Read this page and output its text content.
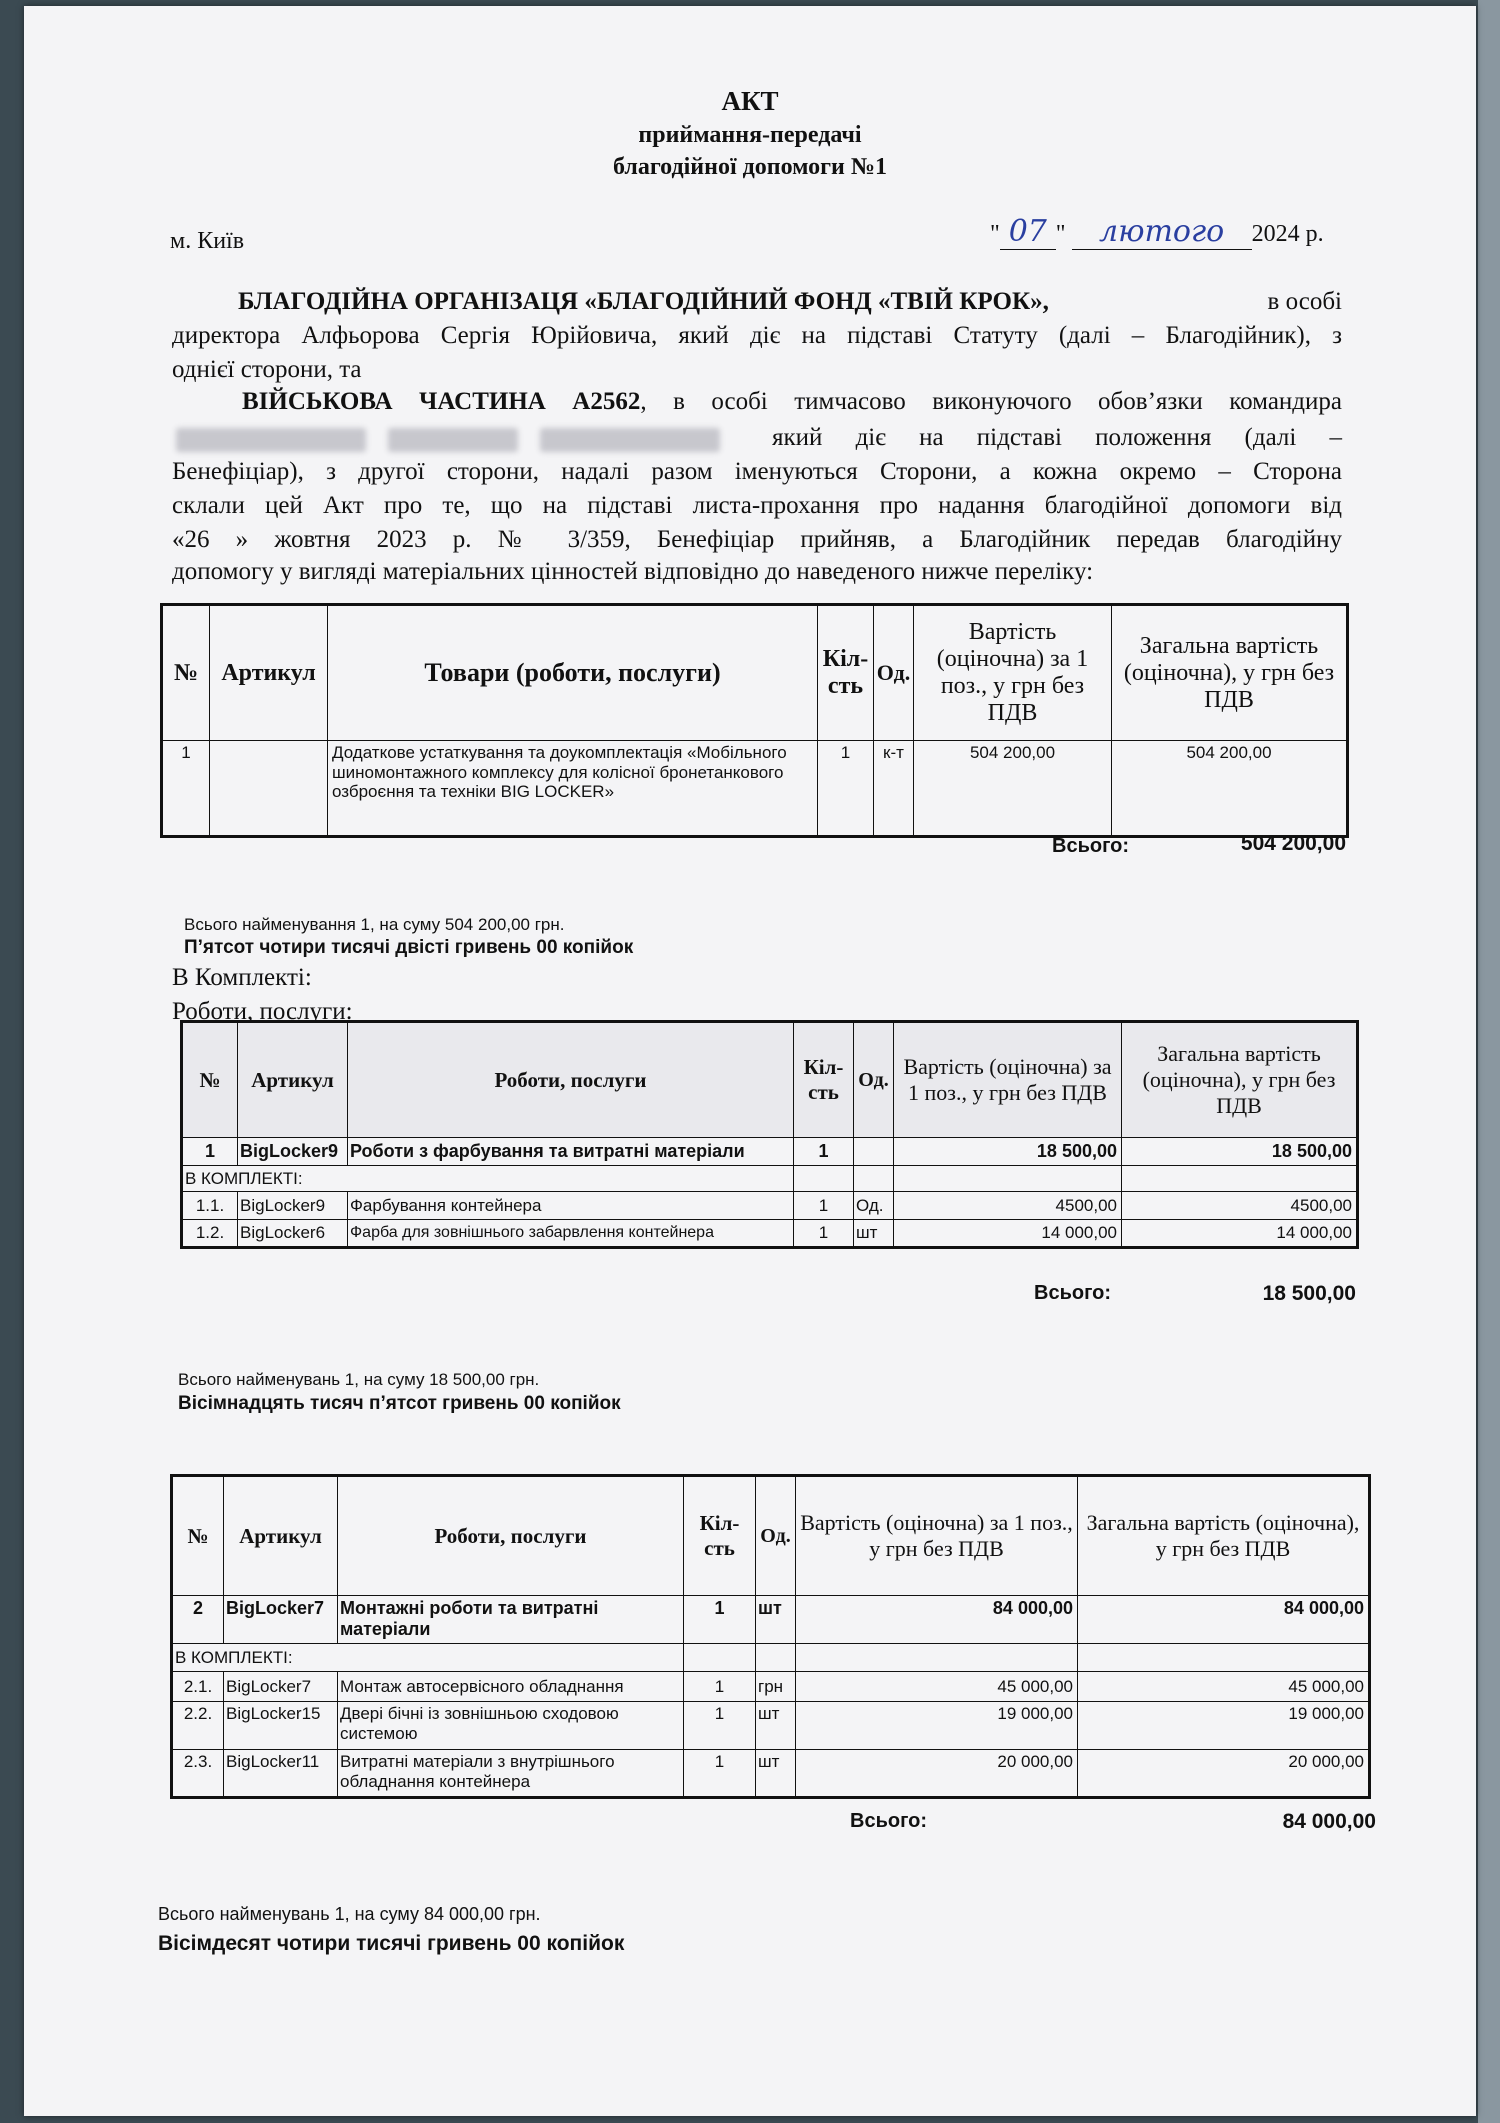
АКТ
приймання-передачі
благодійної допомоги №1
м. Київ	" 07 " лютого 2024 р.
БЛАГОДІЙНА ОРГАНІЗАЦЯ «БЛАГОДІЙНИЙ ФОНД «ТВІЙ КРОК»,	в особі
директора Алфьорова Сергія Юрійовича, який діє на підставі Статуту (далі – Благодійник), з
однієї сторони, та
ВІЙСЬКОВА ЧАСТИНА А2562, в особі тимчасово виконуючого обов’язки командира
який діє на підставі положення (далі –
Бенефіціар), з другої сторони, надалі разом іменуються Сторони, а кожна окремо – Сторона
склали цей Акт про те, що на підставі листа-прохання про надання благодійної допомоги від
«26 » жовтня 2023 р. № 3/359, Бенефіціар прийняв, а Благодійник передав благодійну
допомогу у вигляді матеріальних цінностей відповідно до наведеного нижче переліку:
№	Артикул	Товари (роботи, послуги)	Кіл-сть	Од.	Вартість (оціночна) за 1 поз., у грн без ПДВ	Загальна вартість (оціночна), у грн без ПДВ
1		Додаткове устаткування та доукомплектація «Мобільного шиномонтажного комплексу для колісної бронетанкового озброєння та техніки BIG LOCKER»	1	к-т	504 200,00	504 200,00
Всього:	504 200,00
Всього найменування 1, на суму 504 200,00 грн.
П’ятсот чотири тисячі двісті гривень 00 копійок
В Комплекті:
Роботи, послуги:
№	Артикул	Роботи, послуги	Кіл-сть	Од.	Вартість (оціночна) за 1 поз., у грн без ПДВ	Загальна вартість (оціночна), у грн без ПДВ
1	BigLocker9	Роботи з фарбування та витратні матеріали	1		18 500,00	18 500,00
В КОМПЛЕКТІ:						
1.1.	BigLocker9	Фарбування контейнера	1	Од.	4500,00	4500,00
1.2.	BigLocker6	Фарба для зовнішнього забарвлення контейнера	1	шт	14 000,00	14 000,00
Всього:	18 500,00
Всього найменувань 1, на суму 18 500,00 грн.
Вісімнадцять тисяч п’ятсот гривень 00 копійок
№	Артикул	Роботи, послуги	Кіл-сть	Од.	Вартість (оціночна) за 1 поз., у грн без ПДВ	Загальна вартість (оціночна), у грн без ПДВ
2	BigLocker7	Монтажні роботи та витратні матеріали	1	шт	84 000,00	84 000,00
В КОМПЛЕКТІ:						
2.1.	BigLocker7	Монтаж автосервісного обладнання	1	грн	45 000,00	45 000,00
2.2.	BigLocker15	Двері бічні із зовнішньою сходовою системою	1	шт	19 000,00	19 000,00
2.3.	BigLocker11	Витратні матеріали з внутрішнього обладнання контейнера	1	шт	20 000,00	20 000,00
Всього:	84 000,00
Всього найменувань 1, на суму 84 000,00 грн.
Вісімдесят чотири тисячі гривень 00 копійок
